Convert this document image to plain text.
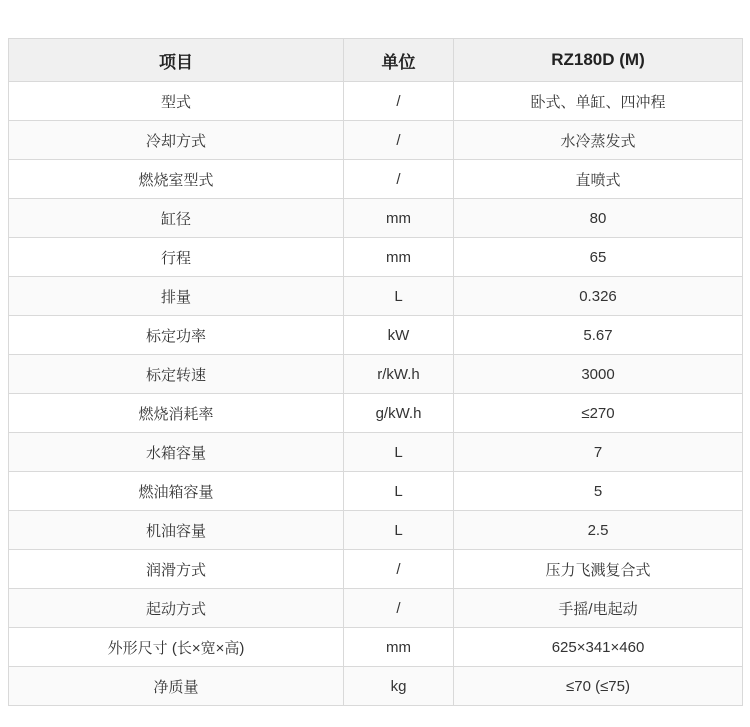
项目	单位	RZ180D (M)
型式	/	卧式、单缸、四冲程
冷却方式	/	水冷蒸发式
燃烧室型式	/	直喷式
缸径	mm	80
行程	mm	65
排量	L	0.326
标定功率	kW	5.67
标定转速	r/kW.h	3000
燃烧消耗率	g/kW.h	≤270
水箱容量	L	7
燃油箱容量	L	5
机油容量	L	2.5
润滑方式	/	压力飞溅复合式
起动方式	/	手摇/电起动
外形尺寸 (长×宽×高)	mm	625×341×460
净质量	kg	≤70 (≤75)
